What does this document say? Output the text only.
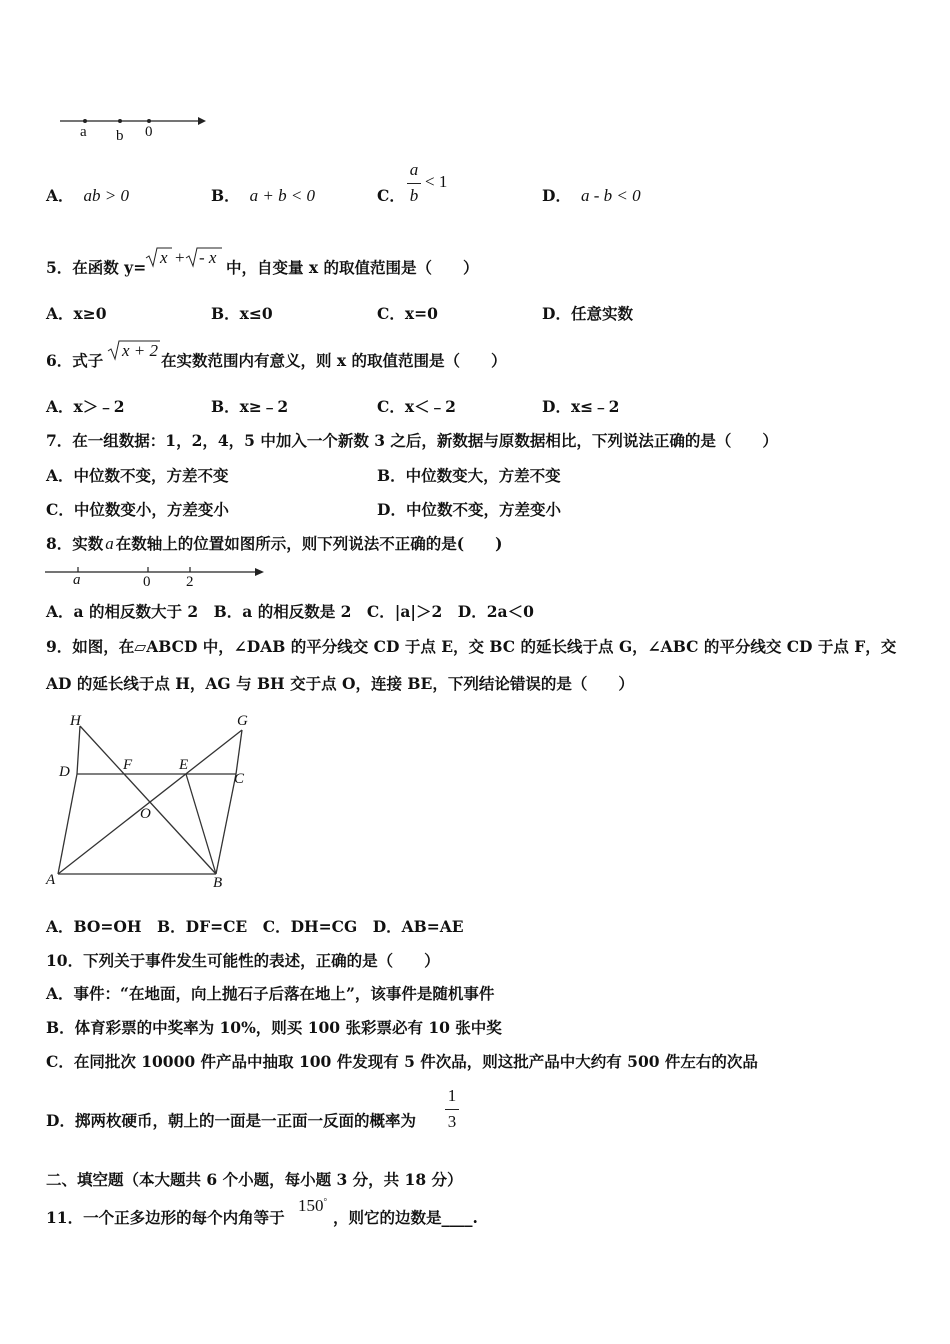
a b 0
A． ab > 0	B． a + b < 0	C．
a
b
< 1
D． a - b < 0
5．在函数 y=
x + - x
中，自变量 x 的取值范围是（　　）
A．x≥0	B．x≤0	C．x=0	D．任意实数
6．式子
x + 2
在实数范围内有意义，则 x 的取值范围是（　　）
A．x＞﹣2	B．x≥﹣2	C．x＜﹣2	D．x≤﹣2
7．在一组数据：1，2，4，5 中加入一个新数 3 之后，新数据与原数据相比，下列说法正确的是（　　）
A．中位数不变，方差不变	B．中位数变大，方差不变
C．中位数变小，方差变小	D．中位数不变，方差变小
8．实数 a 在数轴上的位置如图所示，则下列说法不正确的是(　　)
a	0 2
A．a 的相反数大于 2　B．a 的相反数是 2　C．|a|＞2　D．2a＜0
9．如图，在▱ABCD 中，∠DAB 的平分线交 CD 于点 E，交 BC 的延长线于点 G，∠ABC 的平分线交 CD 于点 F，交
AD 的延长线于点 H，AG 与 BH 交于点 O，连接 BE，下列结论错误的是（　　）
H	G
D	F	E
C
O
A	B
A．BO=OH　B．DF=CE　C．DH=CG　D．AB=AE
10．下列关于事件发生可能性的表述，正确的是（　　）
A．事件：“在地面，向上抛石子后落在地上”，该事件是随机事件
B．体育彩票的中奖率为 10%，则买 100 张彩票必有 10 张中奖
C．在同批次 10000 件产品中抽取 100 件发现有 5 件次品，则这批产品中大约有 500 件左右的次品
D．掷两枚硬币，朝上的一面是一正面一反面的概率为
1
3
二、填空题（本大题共 6 个小题，每小题 3 分，共 18 分）
11．一个正多边形的每个内角等于
150°
，则它的边数是____.
